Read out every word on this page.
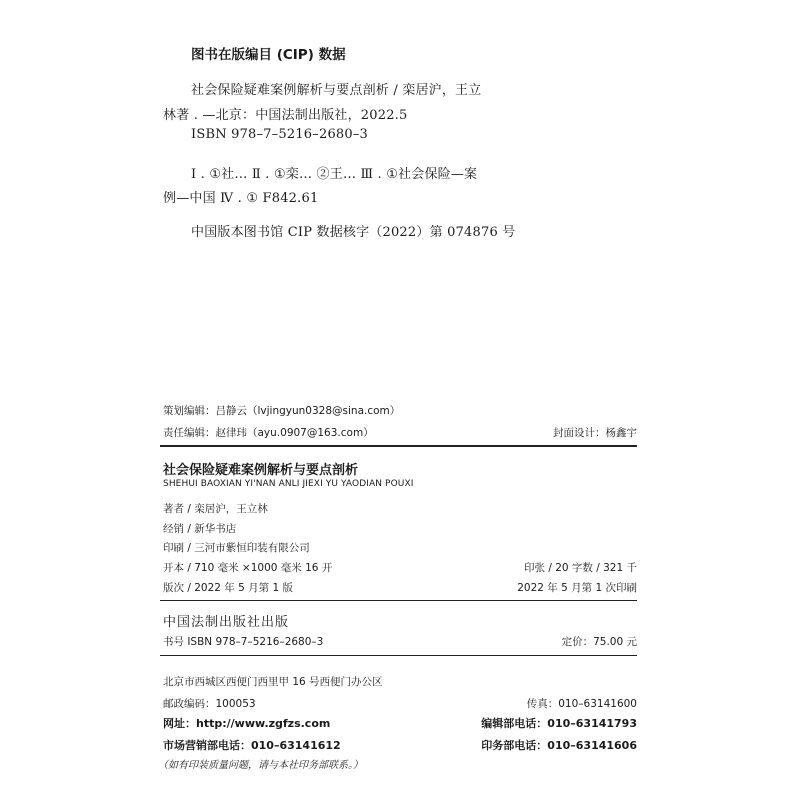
图书在版编目 (CIP) 数据
社会保险疑难案例解析与要点剖析 / 栾居沪，王立
林著 . —北京：中国法制出版社，2022.5
ISBN 978–7–5216–2680–3
Ⅰ . ①社… Ⅱ . ①栾… ②王… Ⅲ . ①社会保险—案
例—中国 Ⅳ . ① F842.61
中国版本图书馆 CIP 数据核字（2022）第 074876 号
策划编辑：吕静云（lvjingyun0328@sina.com）
责任编辑：赵律玮（ayu.0907@163.com）	封面设计：杨鑫宇
社会保险疑难案例解析与要点剖析
SHEHUI BAOXIAN YI'NAN ANLI JIEXI YU YAODIAN POUXI
著者 / 栾居沪，王立林
经销 / 新华书店
印刷 / 三河市紫恒印装有限公司
开本 / 710 毫米 ×1000 毫米 16 开	印张 / 20 字数 / 321 千
版次 / 2022 年 5 月第 1 版	2022 年 5 月第 1 次印刷
中国法制出版社出版
书号 ISBN 978–7–5216–2680–3	定价：75.00 元
北京市西城区西便门西里甲 16 号西便门办公区
邮政编码：100053	传真：010–63141600
网址：http://www.zgfzs.com	编辑部电话：010–63141793
市场营销部电话：010–63141612	印务部电话：010–63141606
（如有印装质量问题，请与本社印务部联系。）
